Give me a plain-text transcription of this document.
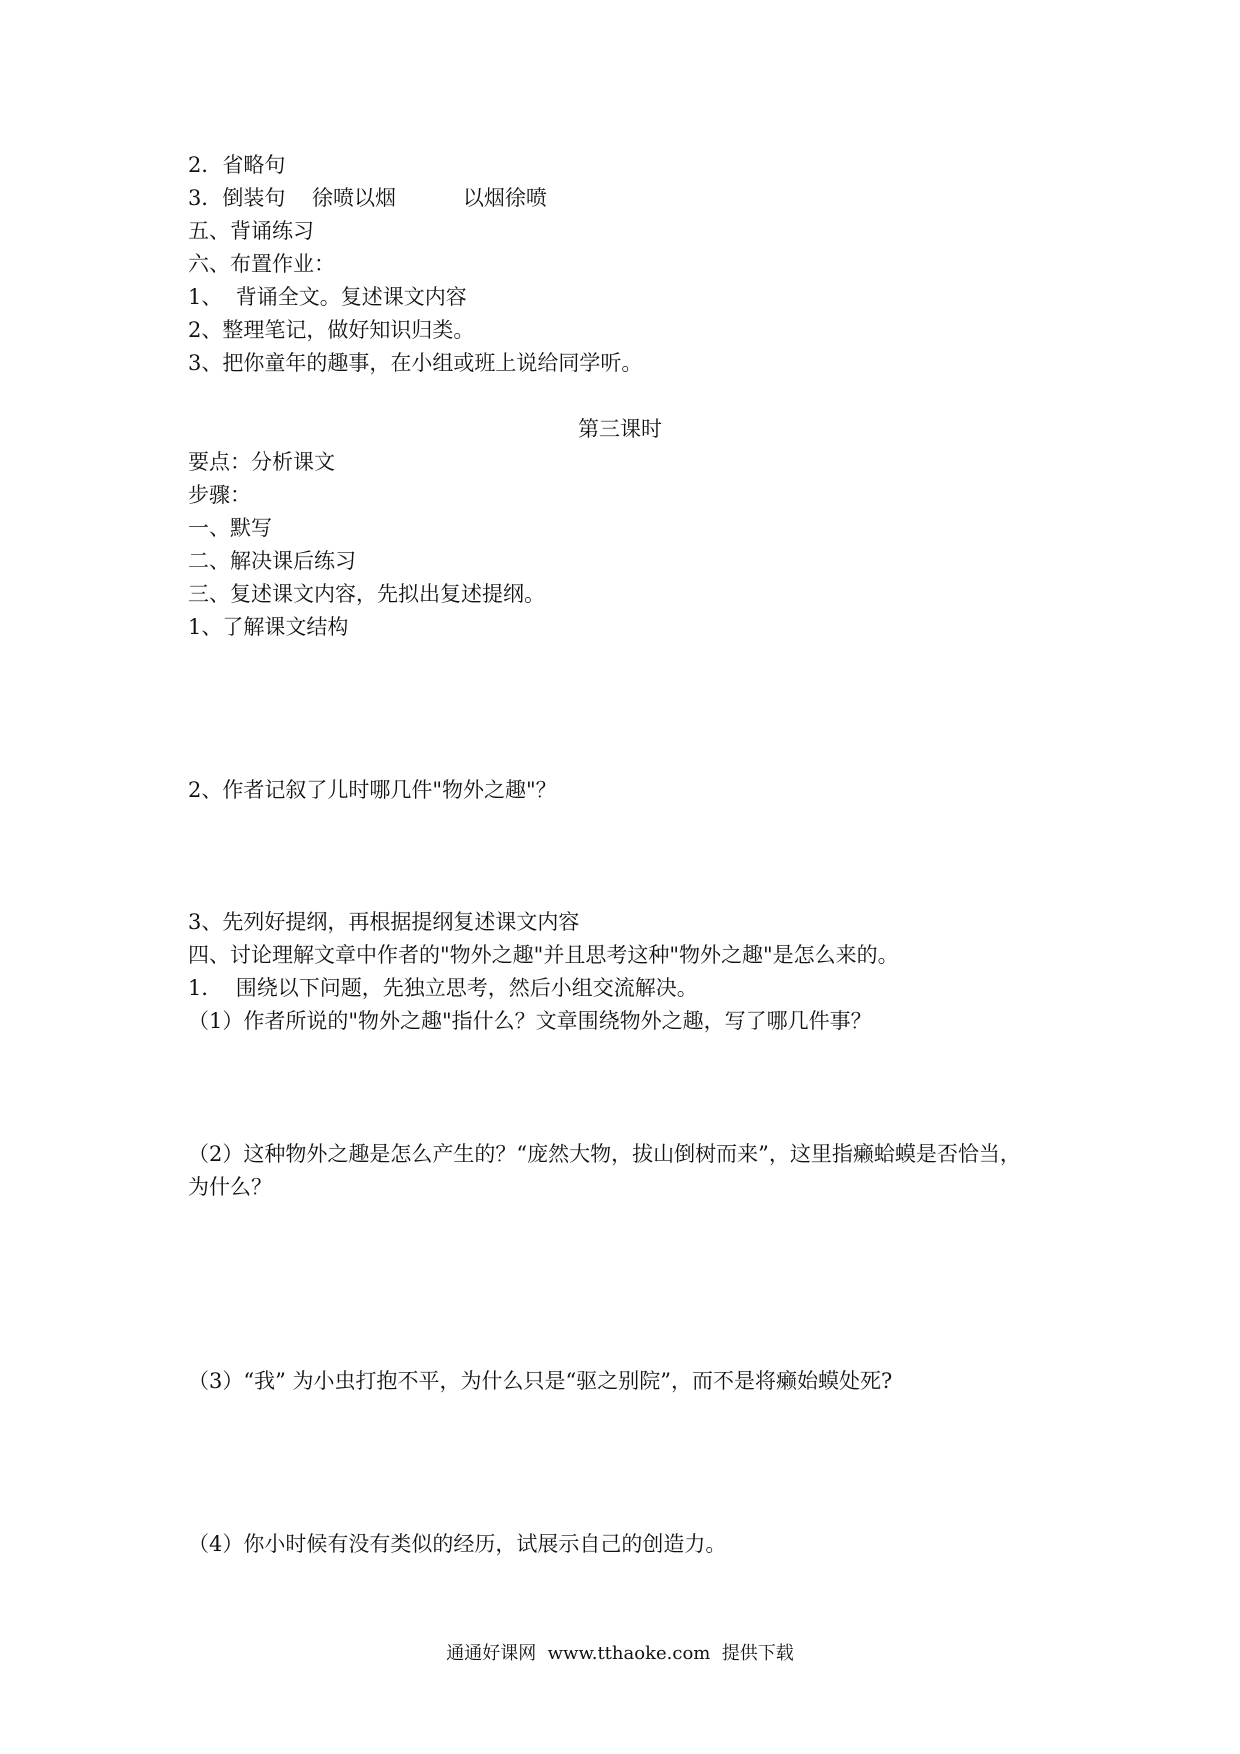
2．省略句
3．倒装句    徐喷以烟          以烟徐喷
五、背诵练习
六、布置作业：
1、  背诵全文。复述课文内容
2、整理笔记，做好知识归类。
3、把你童年的趣事，在小组或班上说给同学听。
第三课时
要点：分析课文
步骤：
一、默写
二、解决课后练习
三、复述课文内容，先拟出复述提纲。
1、了解课文结构
2、作者记叙了儿时哪几件"物外之趣"？
3、先列好提纲，再根据提纲复述课文内容
四、讨论理解文章中作者的"物外之趣"并且思考这种"物外之趣"是怎么来的。
1．  围绕以下问题，先独立思考，然后小组交流解决。
（1）作者所说的"物外之趣"指什么？文章围绕物外之趣，写了哪几件事？
（2）这种物外之趣是怎么产生的？“庞然大物，拔山倒树而来”，这里指癞蛤蟆是否恰当，
为什么？
（3）“我” 为小虫打抱不平，为什么只是“驱之别院”，而不是将癞始蟆处死?
（4）你小时候有没有类似的经历，试展示自己的创造力。
通通好课网  www.tthaoke.com  提供下载
